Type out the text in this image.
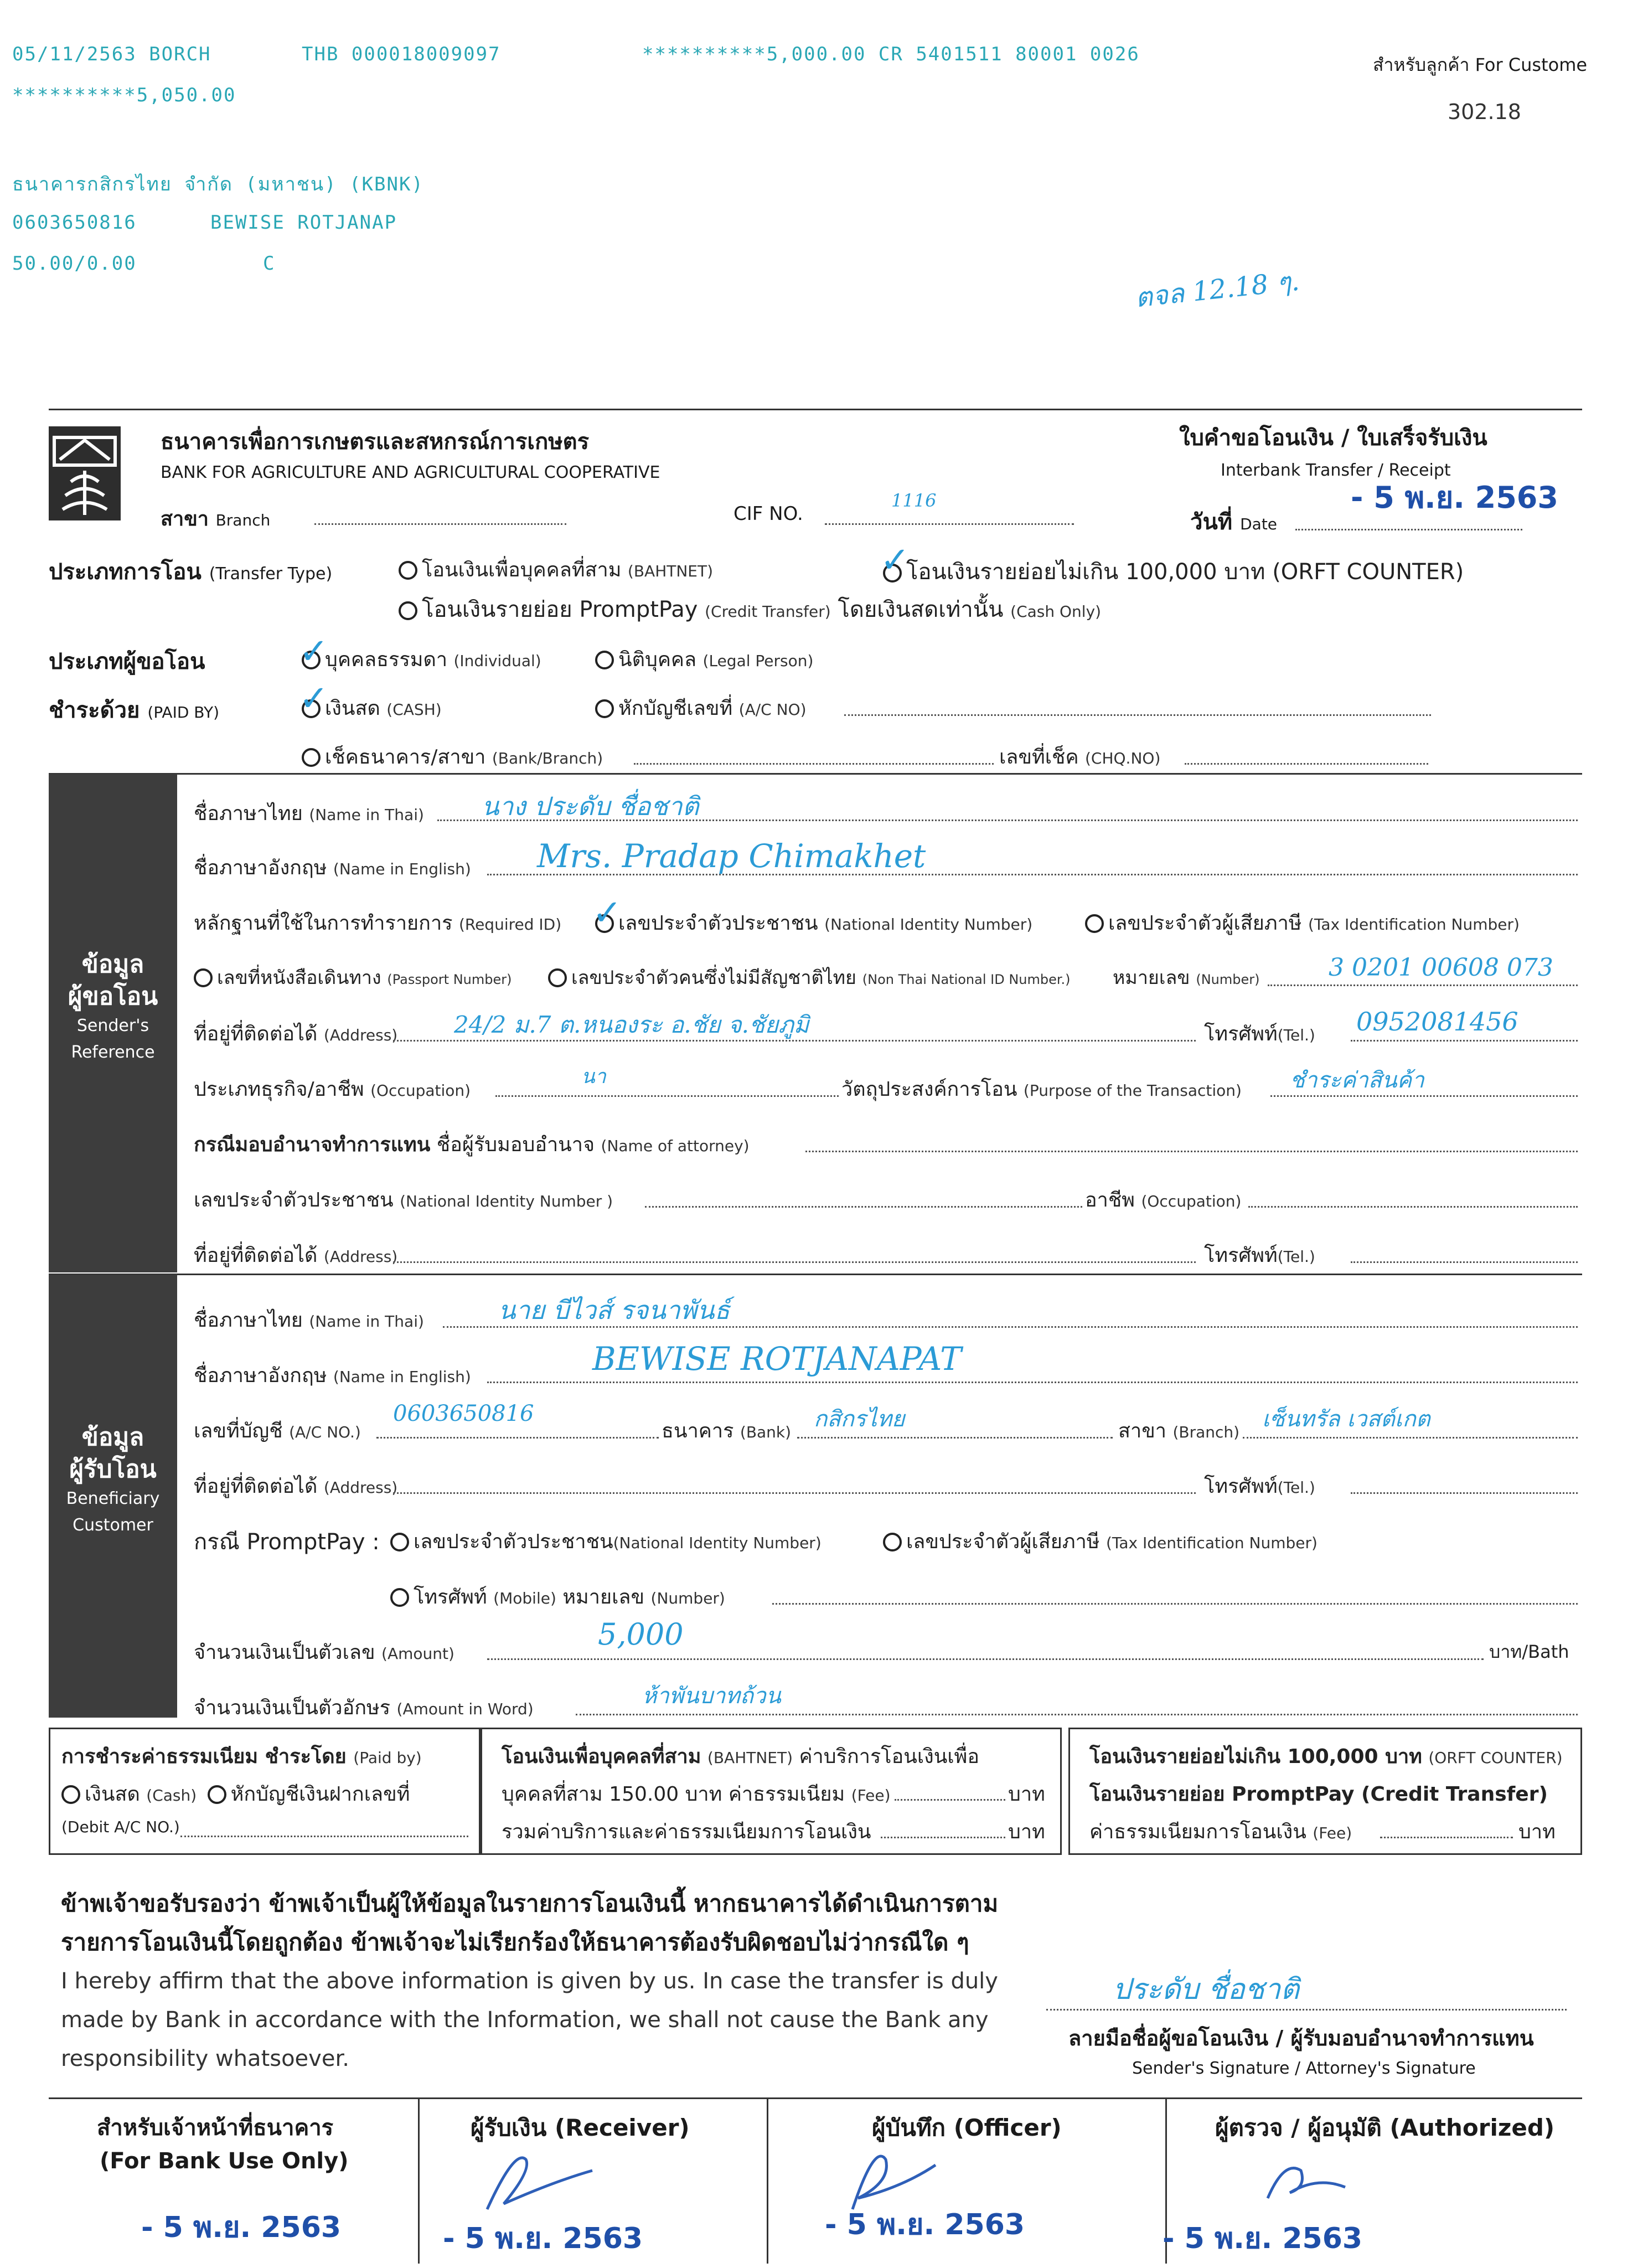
05/11/2563 BORCH	THB 000018009097	**********5,000.00 CR 5401511 80001 0026
**********5,050.00
ธนาคารกสิกรไทย จำกัด (มหาชน) (KBNK)
0603650816	BEWISE ROTJANAP
50.00/0.00	C
สำหรับลูกค้า For Custome
302.18
ตจล 12.18 ๆ.
ธนาคารเพื่อการเกษตรและสหกรณ์การเกษตร
BANK FOR AGRICULTURE AND AGRICULTURAL COOPERATIVE
สาขา Branch	CIF NO.
1116
ใบคำขอโอนเงิน / ใบเสร็จรับเงิน
Interbank Transfer / Receipt
วันที่ Date
- 5 พ.ย. 2563
ประเภทการโอน (Transfer Type)	โอนเงินเพื่อบุคคลที่สาม (BAHTNET)	โอนเงินรายย่อยไม่เกิน 100,000 บาท (ORFT COUNTER)
✓
โอนเงินรายย่อย PromptPay (Credit Transfer) โดยเงินสดเท่านั้น (Cash Only)
ประเภทผู้ขอโอน	บุคคลธรรมดา (Individual)
✓	นิติบุคคล (Legal Person)
ชำระด้วย (PAID BY)	เงินสด (CASH)
✓	หักบัญชีเลขที่ (A/C NO)
เช็คธนาคาร/สาขา (Bank/Branch)	เลขที่เช็ค (CHQ.NO)
ข้อมูล
ผู้ขอโอน
Sender's
Reference
ชื่อภาษาไทย (Name in Thai) นาง ประดับ ชื่อชาติ
ชื่อภาษาอังกฤษ (Name in English) Mrs. Pradap Chimakhet
หลักฐานที่ใช้ในการทำรายการ (Required ID)	เลขประจำตัวประชาชน (National Identity Number)
✓	เลขประจำตัวผู้เสียภาษี (Tax Identification Number)
เลขที่หนังสือเดินทาง (Passport Number)	เลขประจำตัวคนซึ่งไม่มีสัญชาติไทย (Non Thai National ID Number.) หมายเลข (Number)	3 0201 00608 073
ที่อยู่ที่ติดต่อได้ (Address) 24/2 ม.7 ต.หนองระ อ.ชัย จ.ชัยภูมิ	โทรศัพท์(Tel.) 0952081456
ประเภทธุรกิจ/อาชีพ (Occupation)
นา
วัตถุประสงค์การโอน (Purpose of the Transaction) ชำระค่าสินค้า
กรณีมอบอำนาจทำการแทน ชื่อผู้รับมอบอำนาจ (Name of attorney)
เลขประจำตัวประชาชน (National Identity Number )	อาชีพ (Occupation)
ที่อยู่ที่ติดต่อได้ (Address)	โทรศัพท์(Tel.)
ข้อมูล
ผู้รับโอน
Beneficiary
Customer
ชื่อภาษาไทย (Name in Thai)	นาย บีไวส์ รจนาพันธ์
ชื่อภาษาอังกฤษ (Name in English)	BEWISE ROTJANAPAT
เลขที่บัญชี (A/C NO.)
0603650816
ธนาคาร (Bank)
กสิกรไทย	สาขา (Branch)
เซ็นทรัล เวสต์เกต
ที่อยู่ที่ติดต่อได้ (Address)	โทรศัพท์(Tel.)
กรณี PromptPay :	เลขประจำตัวประชาชน(National Identity Number)	เลขประจำตัวผู้เสียภาษี (Tax Identification Number)
โทรศัพท์ (Mobile) หมายเลข (Number)
จำนวนเงินเป็นตัวเลข (Amount)
5,000	บาท/Bath
จำนวนเงินเป็นตัวอักษร (Amount in Word)
ห้าพันบาทถ้วน
การชำระค่าธรรมเนียม ชำระโดย (Paid by)
เงินสด (Cash) หักบัญชีเงินฝากเลขที่
(Debit A/C NO.)
โอนเงินเพื่อบุคคลที่สาม (BAHTNET) ค่าบริการโอนเงินเพื่อ
บุคคลที่สาม 150.00 บาท ค่าธรรมเนียม (Fee)	บาท
รวมค่าบริการและค่าธรรมเนียมการโอนเงิน	บาท
โอนเงินรายย่อยไม่เกิน 100,000 บาท (ORFT COUNTER)
โอนเงินรายย่อย PromptPay (Credit Transfer)
ค่าธรรมเนียมการโอนเงิน (Fee)	บาท
ข้าพเจ้าขอรับรองว่า ข้าพเจ้าเป็นผู้ให้ข้อมูลในรายการโอนเงินนี้ หากธนาคารได้ดำเนินการตาม
รายการโอนเงินนี้โดยถูกต้อง ข้าพเจ้าจะไม่เรียกร้องให้ธนาคารต้องรับผิดชอบไม่ว่ากรณีใด ๆ
I hereby affirm that the above information is given by us. In case the transfer is duly
made by Bank in accordance with the Information, we shall not cause the Bank any
responsibility whatsoever.
ประดับ ชื่อชาติ
ลายมือชื่อผู้ขอโอนเงิน / ผู้รับมอบอำนาจทำการแทน
Sender's Signature / Attorney's Signature
สำหรับเจ้าหน้าที่ธนาคาร
(For Bank Use Only)
ผู้รับเงิน (Receiver)	ผู้บันทึก (Officer)	ผู้ตรวจ / ผู้อนุมัติ (Authorized)
- 5 พ.ย. 2563	- 5 พ.ย. 2563	- 5 พ.ย. 2563	- 5 พ.ย. 2563
